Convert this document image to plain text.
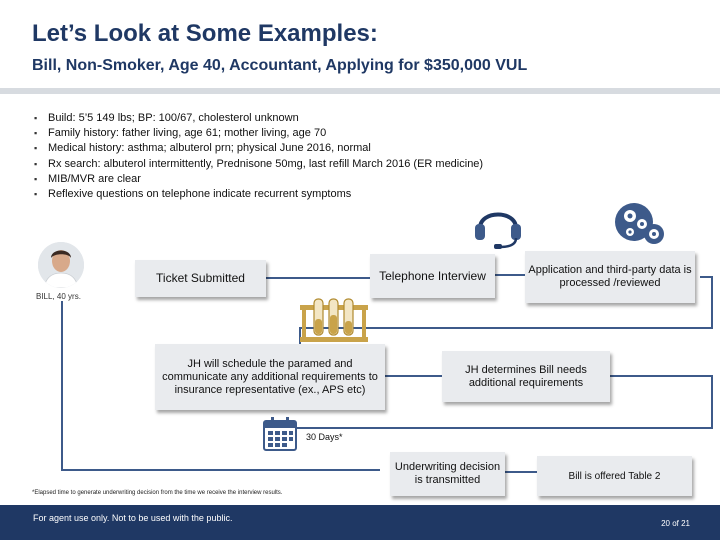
Let’s Look at Some Examples:
Bill, Non-Smoker, Age 40, Accountant, Applying for $350,000 VUL
▪ Build: 5’5 149 lbs; BP: 100/67, cholesterol unknown
▪ Family history: father living, age 61; mother living, age 70
▪ Medical history: asthma; albuterol prn; physical June 2016, normal
▪ Rx search: albuterol intermittently, Prednisone 50mg, last refill March 2016 (ER medicine)
▪ MIB/MVR are clear
▪ Reflexive questions on telephone indicate recurrent symptoms
BILL, 40 yrs.
Ticket Submitted	Telephone Interview	Application and third-party data is processed /reviewed
JH will schedule the paramed and communicate any additional requirements to insurance representative (ex., APS etc)
JH determines Bill needs additional requirements
Underwriting decision is transmitted	Bill is offered Table 2
30 Days*
*Elapsed time to generate underwriting decision from the time we receive the interview results.
For agent use only. Not to be used with the public.
20 of 21
